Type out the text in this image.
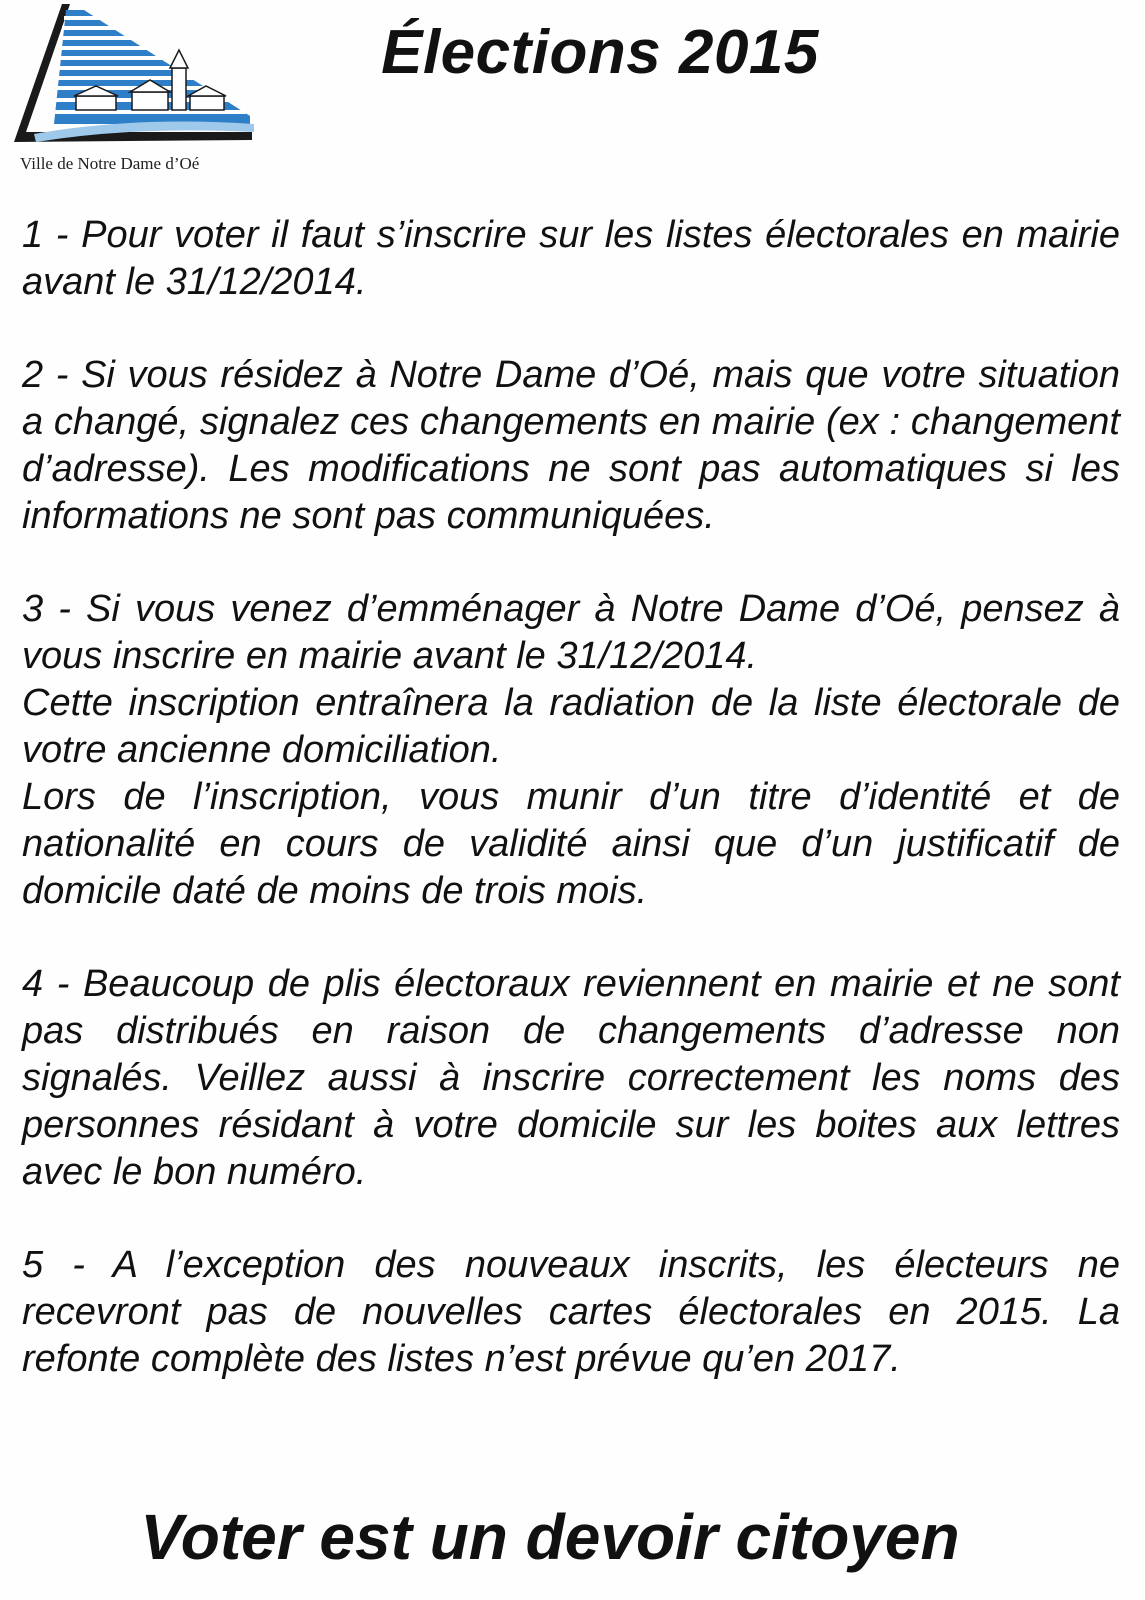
Ville de Notre Dame d’Oé
Élections 2015

1 - Pour voter il faut s’inscrire sur les listes électorales en mairie avant le 31/12/2014.

2 - Si vous résidez à Notre Dame d’Oé, mais que votre situation a changé, signalez ces changements en mairie (ex : changement d’adresse). Les modifications ne sont pas automatiques si les informations ne sont pas communiquées.

3 - Si vous venez d’emménager à Notre Dame d’Oé, pensez à vous inscrire en mairie avant le 31/12/2014.
Cette inscription entraînera la radiation de la liste électorale de votre ancienne domiciliation.
Lors de l’inscription, vous munir d’un titre d’identité et de nationalité en cours de validité ainsi que d’un justificatif de domicile daté de moins de trois mois.

4 - Beaucoup de plis électoraux reviennent en mairie et ne sont pas distribués en raison de changements d’adresse non signalés. Veillez aussi à inscrire correctement les noms des personnes résidant à votre domicile sur les boites aux lettres avec le bon numéro.

5 - A l’exception des nouveaux inscrits, les électeurs ne recevront pas de nouvelles cartes électorales en 2015. La refonte complète des listes n’est prévue qu’en 2017.

Voter est un devoir citoyen
